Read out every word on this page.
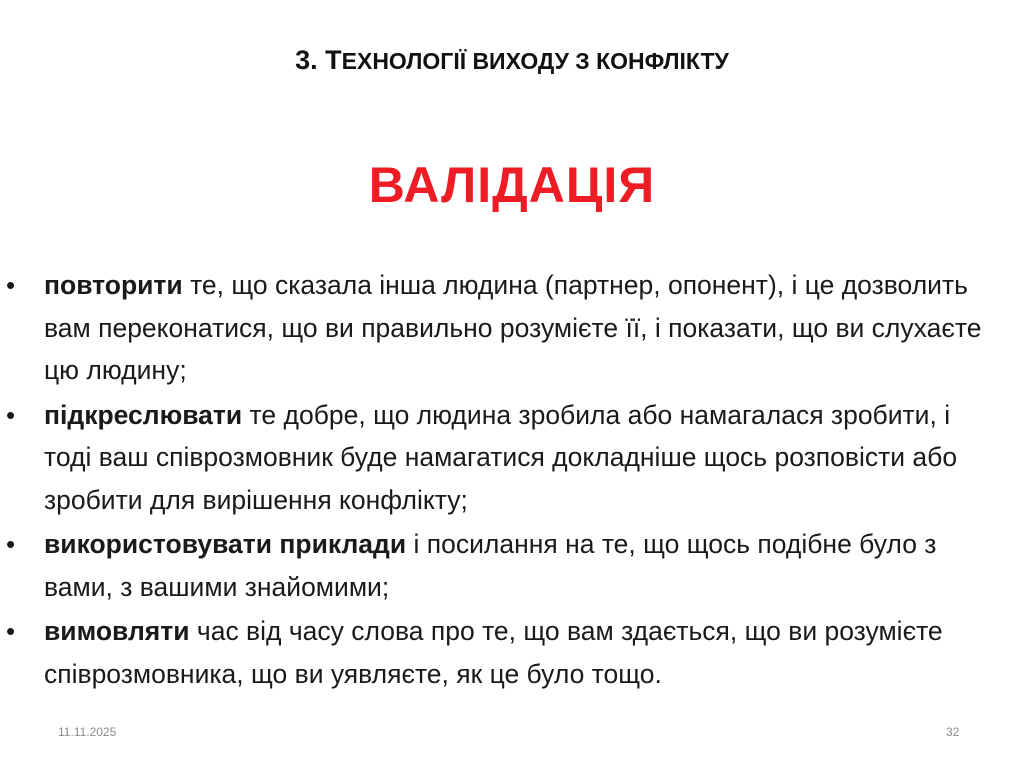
3. ТЕХНОЛОГІЇ ВИХОДУ З КОНФЛІКТУ
ВАЛІДАЦІЯ
• повторити те, що сказала інша людина (партнер, опонент), і це дозволить вам переконатися, що ви правильно розумієте її, і показати, що ви слухаєте цю людину;
• підкреслювати те добре, що людина зробила або намагалася зробити, і тоді ваш співрозмовник буде намагатися докладніше щось розповісти або зробити для вирішення конфлікту;
• використовувати приклади і посилання на те, що щось подібне було з вами, з вашими знайомими;
• вимовляти час від часу слова про те, що вам здається, що ви розумієте співрозмовника, що ви уявляєте, як це було тощо.
11.11.2025	32
